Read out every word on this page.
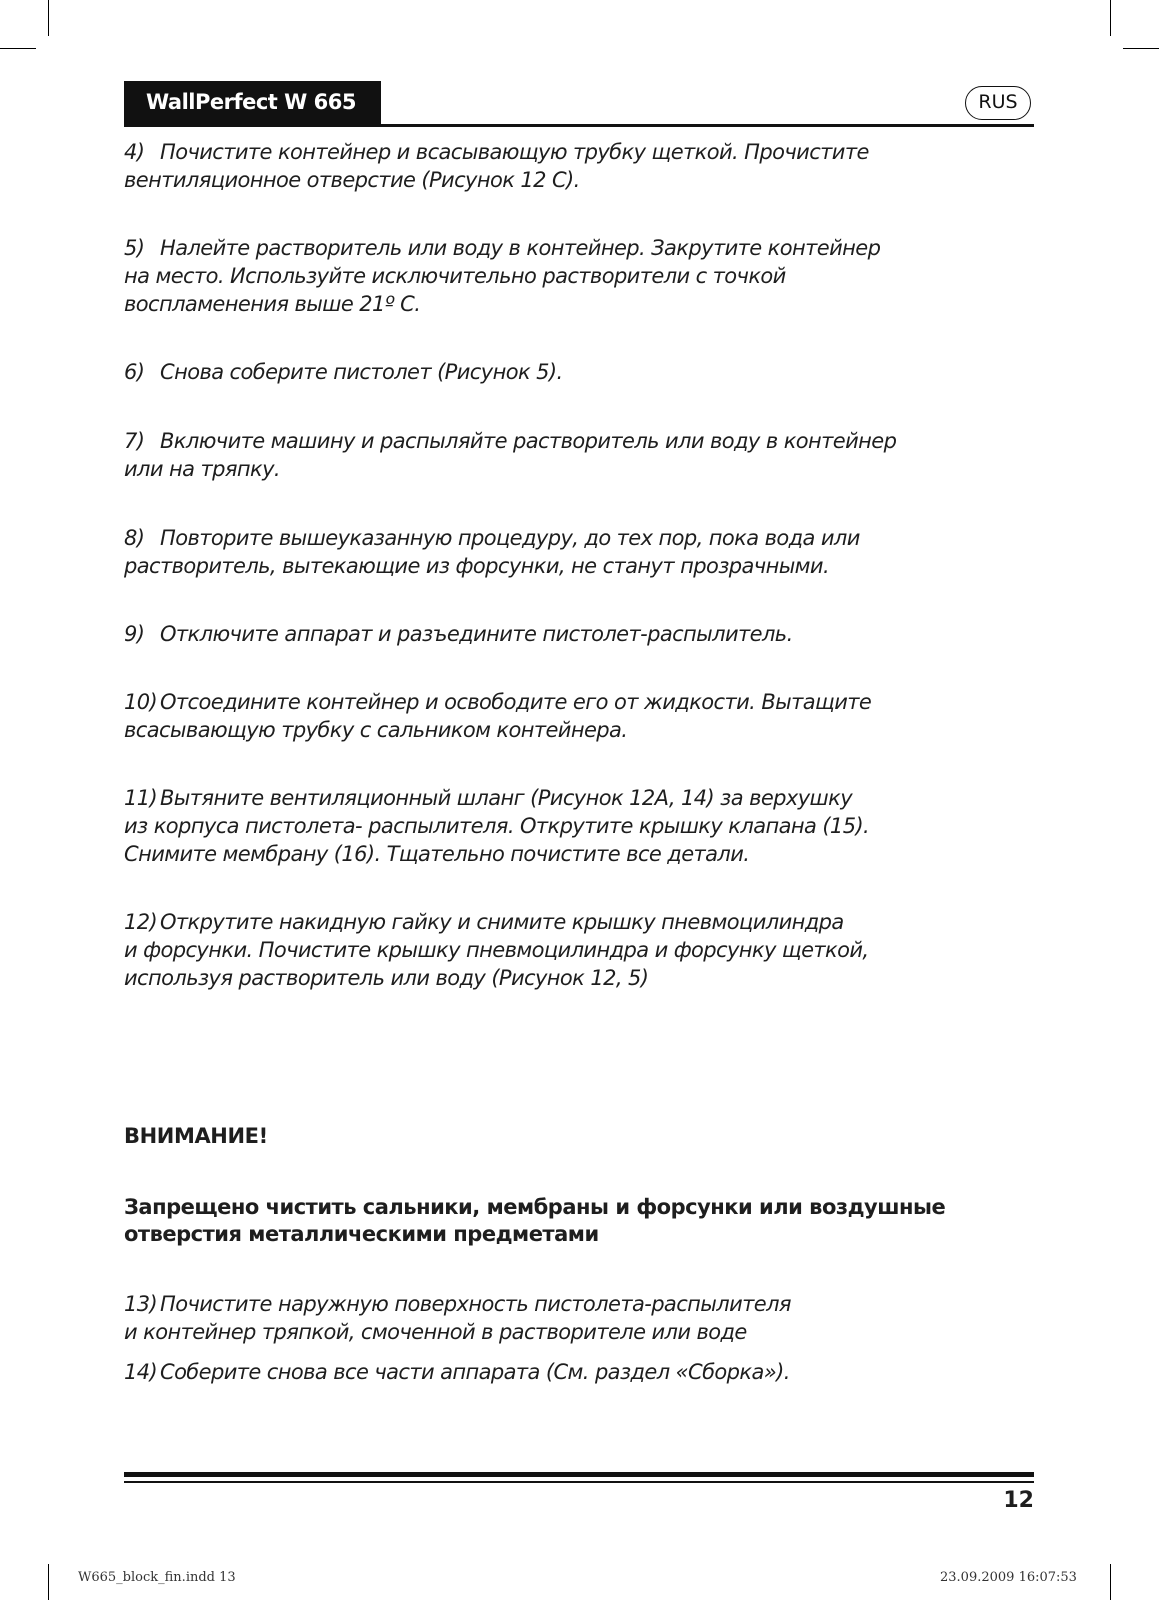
WallPerfect W 665	RUS

4) Почистите контейнер и всасывающую трубку щеткой. Прочистите
вентиляционное отверстие (Рисунок 12 C).

5) Налейте растворитель или воду в контейнер. Закрутите контейнер
на место. Используйте исключительно растворители с точкой
воспламенения выше 21º C.

6) Снова соберите пистолет (Рисунок 5).

7) Включите машину и распыляйте растворитель или воду в контейнер
или на тряпку.

8) Повторите вышеуказанную процедуру, до тех пор, пока вода или
растворитель, вытекающие из форсунки, не станут прозрачными.

9) Отключите аппарат и разъедините пистолет-распылитель.

10) Отсоедините контейнер и освободите его от жидкости. Вытащите
всасывающую трубку с сальником контейнера.

11) Вытяните вентиляционный шланг (Рисунок 12A, 14) за верхушку
из корпуса пистолета- распылителя. Открутите крышку клапана (15).
Снимите мембрану (16). Тщательно почистите все детали.

12) Открутите накидную гайку и снимите крышку пневмоцилиндра
и форсунки. Почистите крышку пневмоцилиндра и форсунку щеткой,
используя растворитель или воду (Рисунок 12, 5)

ВНИМАНИЕ!
Запрещено чистить сальники, мембраны и форсунки или воздушные
отверстия металлическими предметами

13) Почистите наружную поверхность пистолета-распылителя
и контейнер тряпкой, смоченной в растворителе или воде

14) Соберите снова все части аппарата (См. раздел «Сборка»).

12
W665_block_fin.indd 13	23.09.2009 16:07:53
